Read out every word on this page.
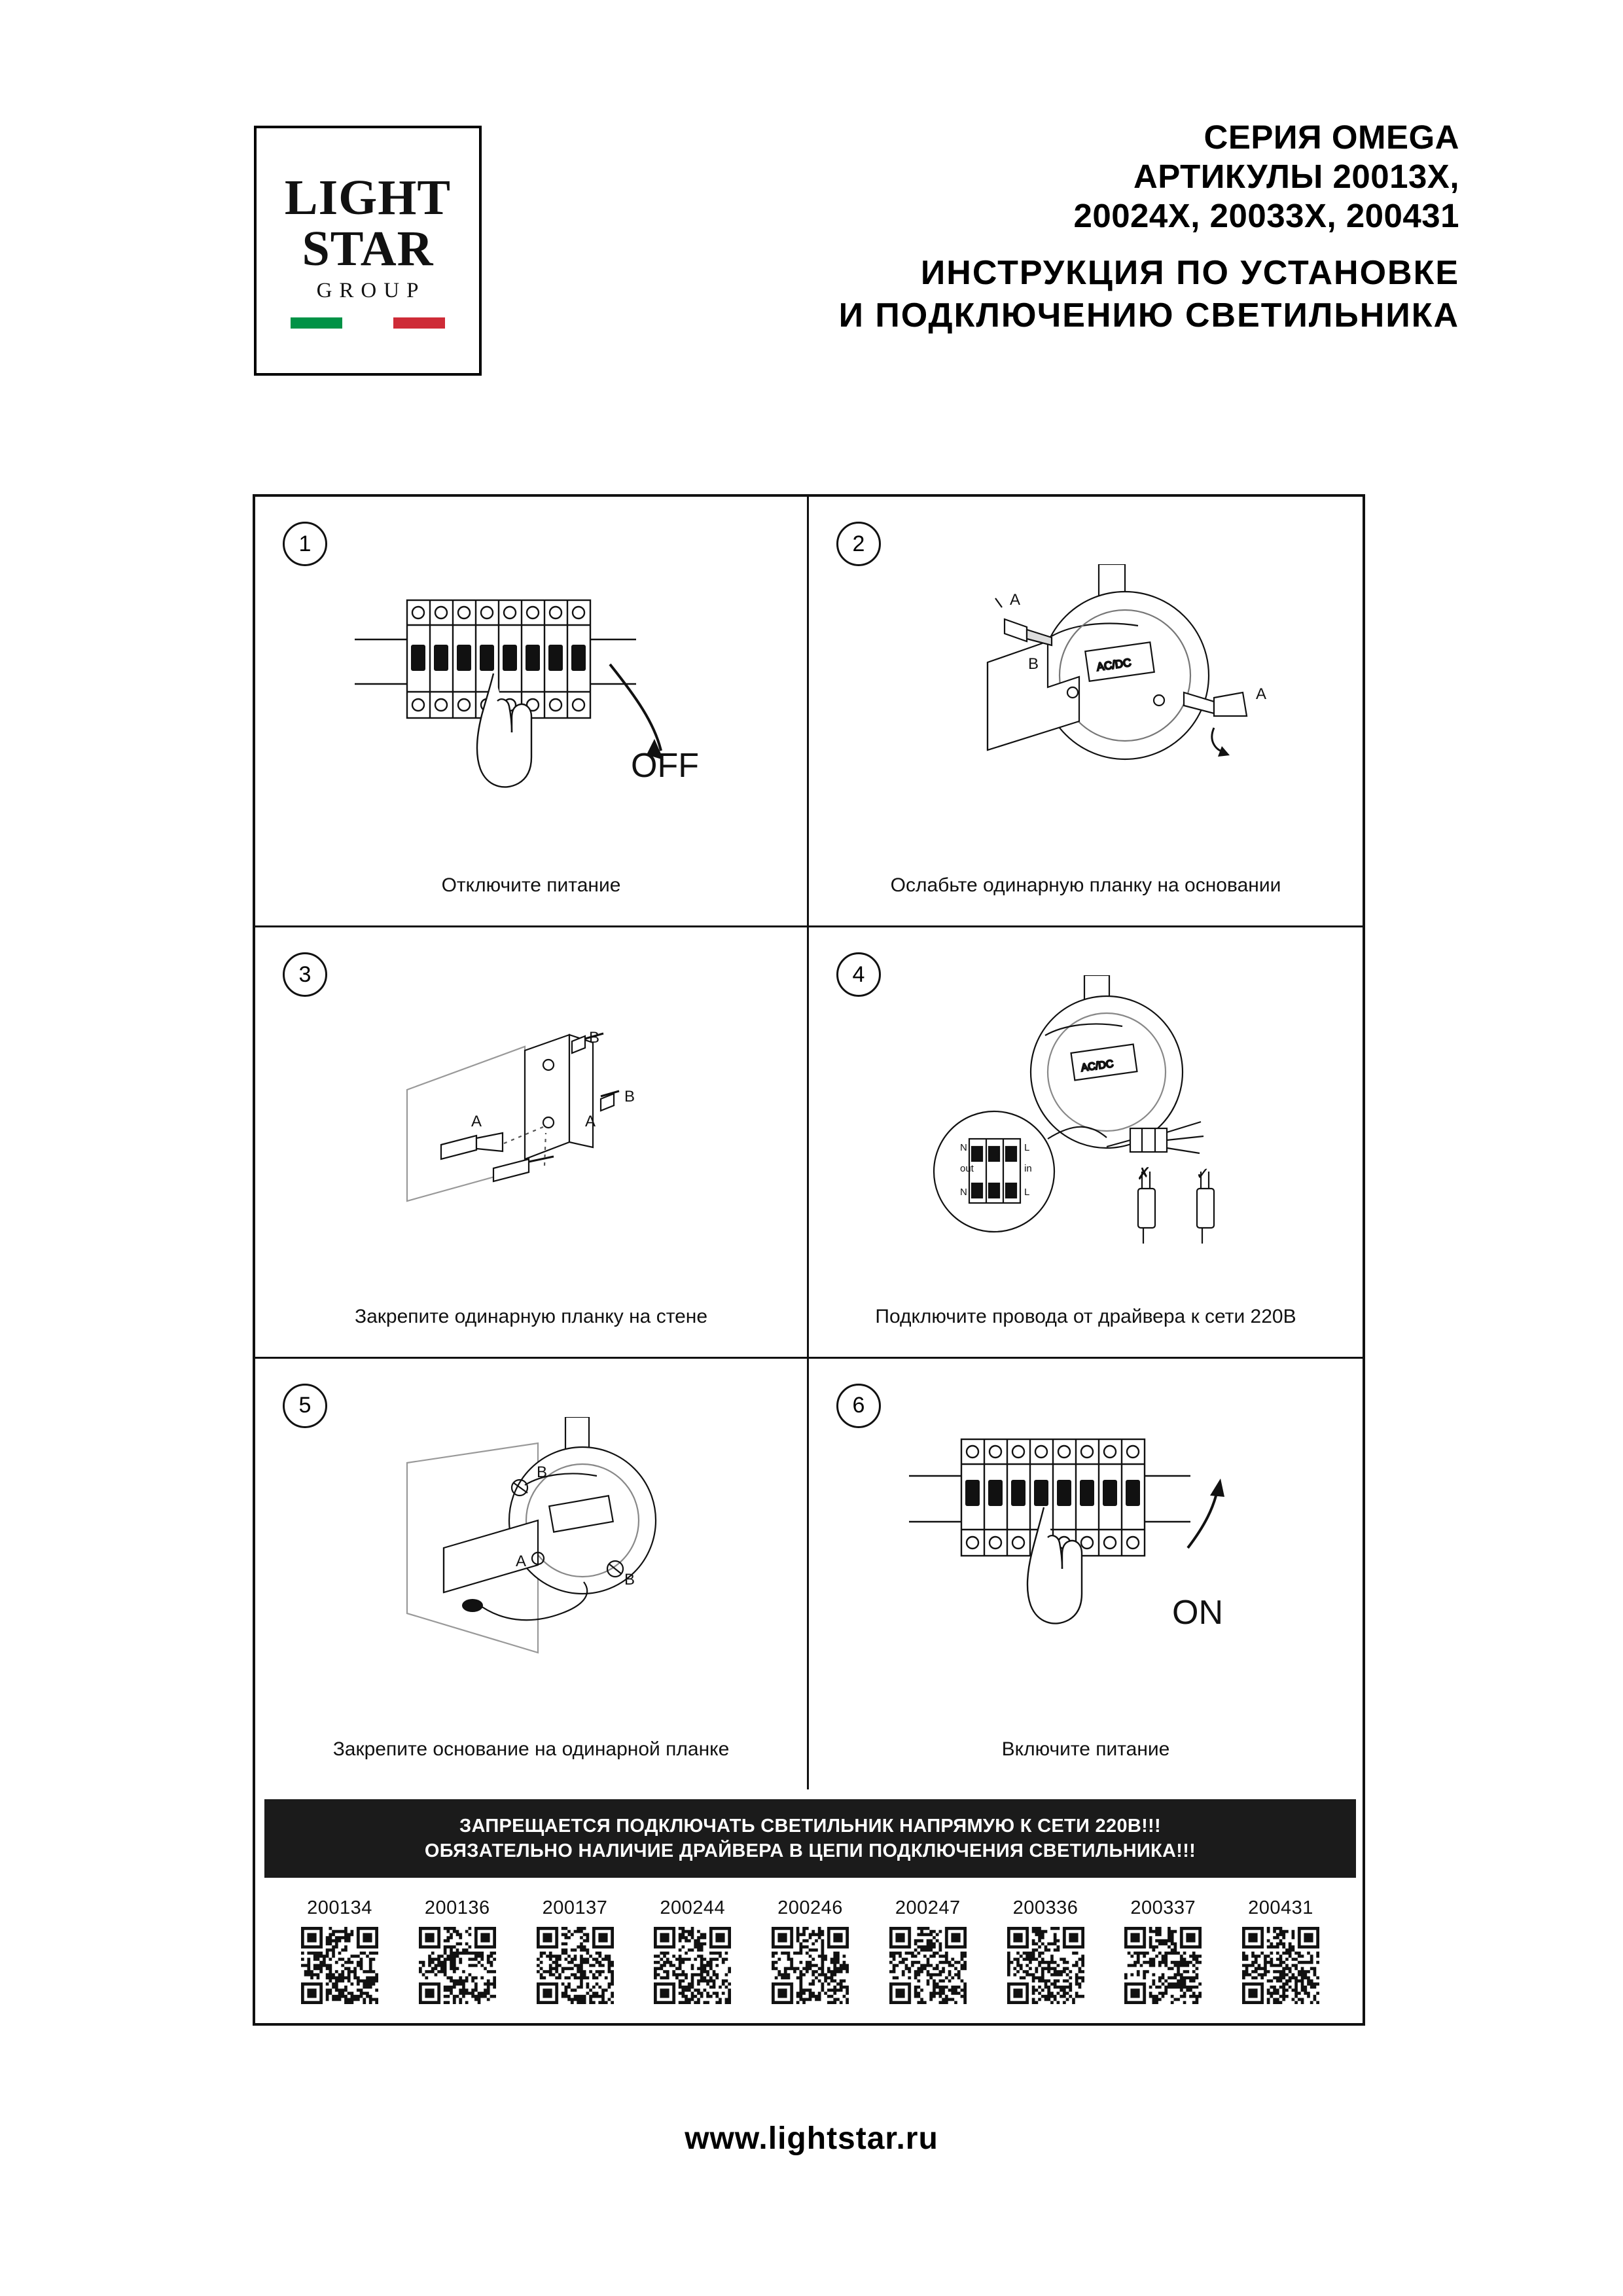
LIGHT
STAR
GROUP
СЕРИЯ OMEGA
АРТИКУЛЫ 20013X,
20024X, 20033X, 200431
ИНСТРУКЦИЯ ПО УСТАНОВКЕ
И ПОДКЛЮЧЕНИЮ СВЕТИЛЬНИКА
1
OFF
Отключите питание
2
AC/DC
A
B
A
Ослабьте одинарную планку на основании
3
A	A
B
B
Закрепите одинарную планку на стене
4
AC/DC
N
out
N
L
in
L
✗	✓
Подключите провода от драйвера к сети 220В
5
B
B
A
Закрепите основание на одинарной планке
6
ON
Включите питание
ЗАПРЕЩАЕТСЯ ПОДКЛЮЧАТЬ СВЕТИЛЬНИК НАПРЯМУЮ К СЕТИ 220В!!!
ОБЯЗАТЕЛЬНО НАЛИЧИЕ ДРАЙВЕРА В ЦЕПИ ПОДКЛЮЧЕНИЯ СВЕТИЛЬНИКА!!!
200134	200136	200137	200244	200246	200247	200336	200337	200431
www.lightstar.ru
